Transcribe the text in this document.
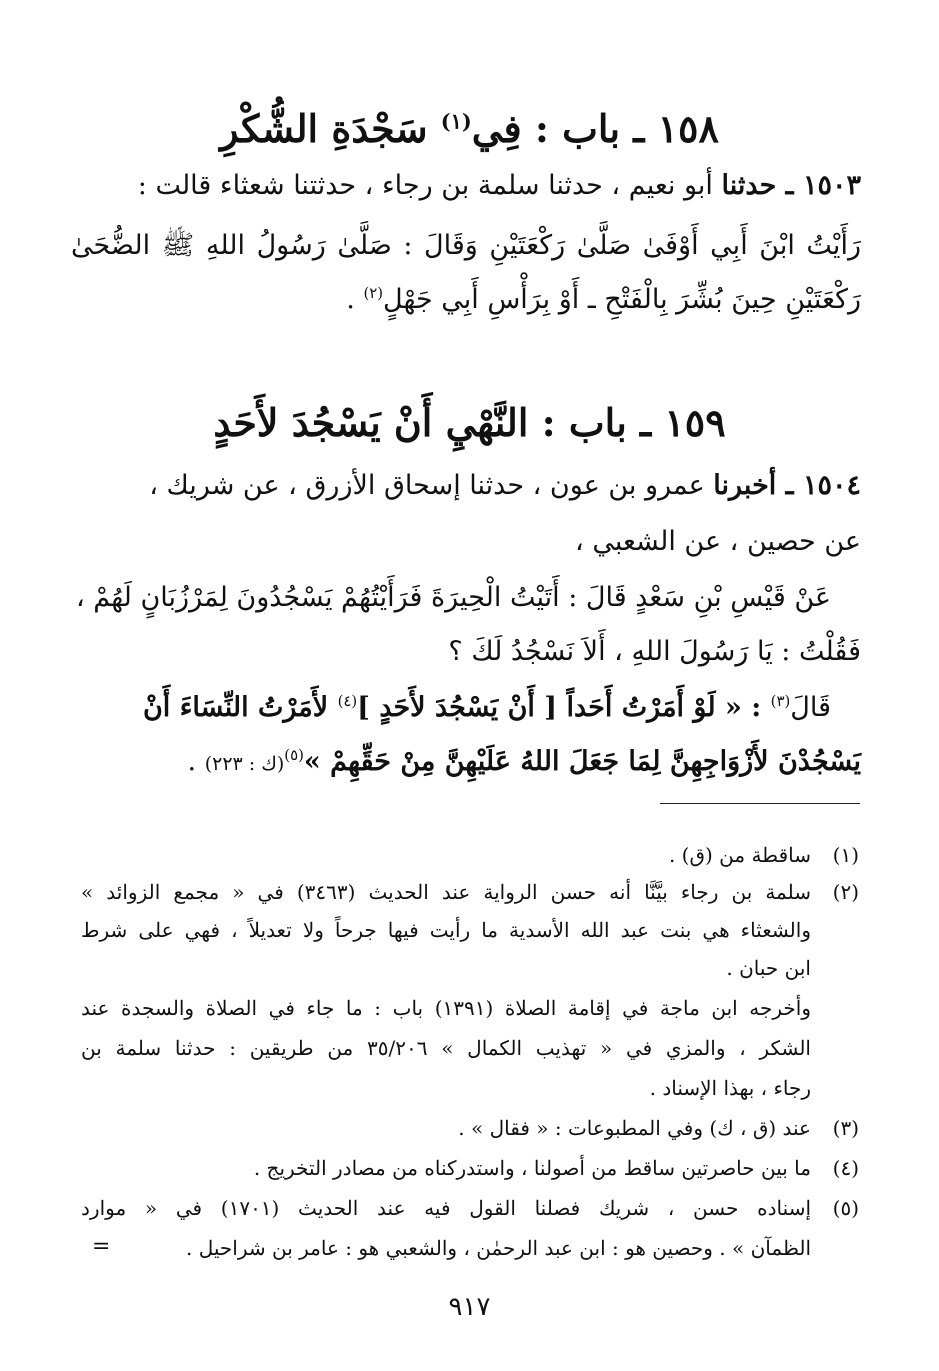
١٥٨ ـ باب : فِي$^{(١)}$ سَجْدَةِ الشُّكْرِ
١٥٠٣ ـ حدثنا أبو نعيم ، حدثنا سلمة بن رجاء ، حدثتنا شعثاء قالت :
رَأَيْتُ ابْنَ أَبِي أَوْفَىٰ صَلَّىٰ رَكْعَتَيْنِ وَقَالَ : صَلَّىٰ رَسُولُ اللهِ ﷺ الضُّحَىٰ
رَكْعَتَيْنِ حِينَ بُشِّرَ بِالْفَتْحِ ـ أَوْ بِرَأْسِ أَبِي جَهْلٍ$^{(٢)}$ .
١٥٩ ـ باب : النَّهْيِ أَنْ يَسْجُدَ لأَحَدٍ
١٥٠٤ ـ أخبرنا عمرو بن عون ، حدثنا إسحاق الأزرق ، عن شريك ،
عن حصين ، عن الشعبي ،
عَنْ قَيْسِ بْنِ سَعْدٍ قَالَ : أَتَيْتُ الْحِيرَةَ فَرَأَيْتُهُمْ يَسْجُدُونَ لِمَرْزُبَانٍ لَهُمْ ،
فَقُلْتُ : يَا رَسُولَ اللهِ ، أَلاَ نَسْجُدُ لَكَ ؟
قَالَ$^{(٣)}$ : « لَوْ أَمَرْتُ أَحَداً [ أَنْ يَسْجُدَ لأَحَدٍ ]$^{(٤)}$ لأَمَرْتُ النِّسَاءَ أَنْ
يَسْجُدْنَ لأَزْوَاجِهِنَّ لِمَا جَعَلَ اللهُ عَلَيْهِنَّ مِنْ حَقِّهِمْ »$^{(٥)}$(ك : ٢٢٣) .
(١)
ساقطة من (ق) .
(٢)
سلمة بن رجاء بيَّنَّا أنه حسن الرواية عند الحديث (٣٤٦٣) في « مجمع الزوائد »
والشعثاء هي بنت عبد الله الأسدية ما رأيت فيها جرحاً ولا تعديلاً ، فهي على شرط
ابن حبان .
وأخرجه ابن ماجة في إقامة الصلاة (١٣٩١) باب : ما جاء في الصلاة والسجدة عند
الشكر ، والمزي في « تهذيب الكمال » ٣٥/٢٠٦ من طريقين : حدثنا سلمة بن
رجاء ، بهذا الإسناد .
(٣)
عند (ق ، ك) وفي المطبوعات : « فقال » .
(٤)
ما بين حاصرتين ساقط من أصولنا ، واستدركناه من مصادر التخريج .
(٥)
إسناده حسن ، شريك فصلنا القول فيه عند الحديث (١٧٠١) في « موارد
الظمآن » . وحصين هو : ابن عبد الرحمٰن ، والشعبي هو : عامر بن شراحيل .
=
٩١٧
